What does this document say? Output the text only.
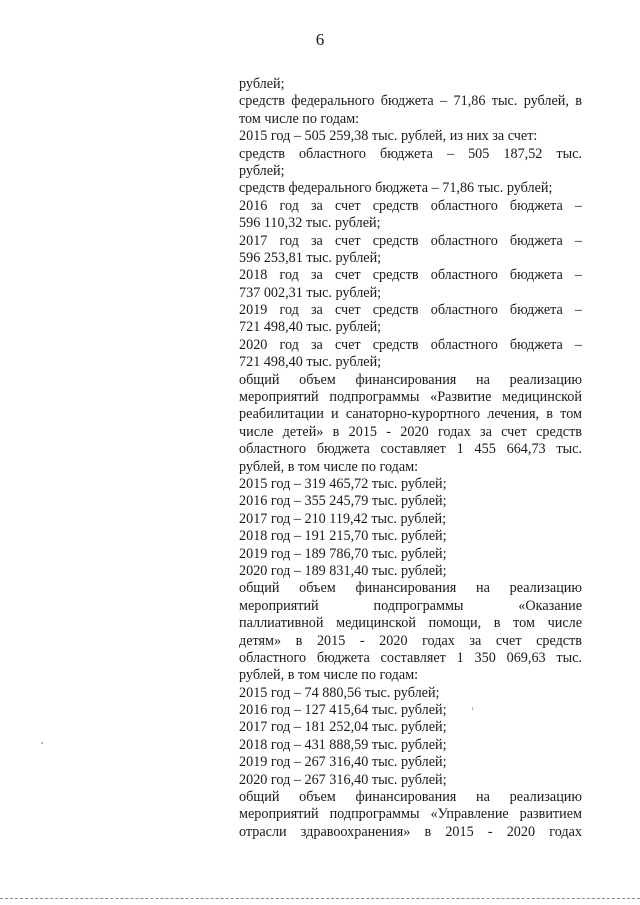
6
рублей;
средств федерального бюджета – 71,86 тыс. рублей, в
том числе по годам:
2015 год – 505 259,38 тыс. рублей, из них за счет:
средств областного бюджета – 505 187,52 тыс.
рублей;
средств федерального бюджета – 71,86 тыс. рублей;
2016 год за счет средств областного бюджета –
596 110,32 тыс. рублей;
2017 год за счет средств областного бюджета –
596 253,81 тыс. рублей;
2018 год за счет средств областного бюджета –
737 002,31 тыс. рублей;
2019 год за счет средств областного бюджета –
721 498,40 тыс. рублей;
2020 год за счет средств областного бюджета –
721 498,40 тыс. рублей;
общий объем финансирования на реализацию
мероприятий подпрограммы «Развитие медицинской
реабилитации и санаторно-курортного лечения, в том
числе детей» в 2015 - 2020 годах за счет средств
областного бюджета составляет 1 455 664,73 тыс.
рублей, в том числе по годам:
2015 год – 319 465,72 тыс. рублей;
2016 год – 355 245,79 тыс. рублей;
2017 год – 210 119,42 тыс. рублей;
2018 год – 191 215,70 тыс. рублей;
2019 год – 189 786,70 тыс. рублей;
2020 год – 189 831,40 тыс. рублей;
общий объем финансирования на реализацию
мероприятий подпрограммы «Оказание
паллиативной медицинской помощи, в том числе
детям» в 2015 - 2020 годах за счет средств
областного бюджета составляет 1 350 069,63 тыс.
рублей, в том числе по годам:
2015 год – 74 880,56 тыс. рублей;
2016 год – 127 415,64 тыс. рублей;
2017 год – 181 252,04 тыс. рублей;
2018 год – 431 888,59 тыс. рублей;
2019 год – 267 316,40 тыс. рублей;
2020 год – 267 316,40 тыс. рублей;
общий объем финансирования на реализацию
мероприятий подпрограммы «Управление развитием
отрасли здравоохранения» в 2015 - 2020 годах
